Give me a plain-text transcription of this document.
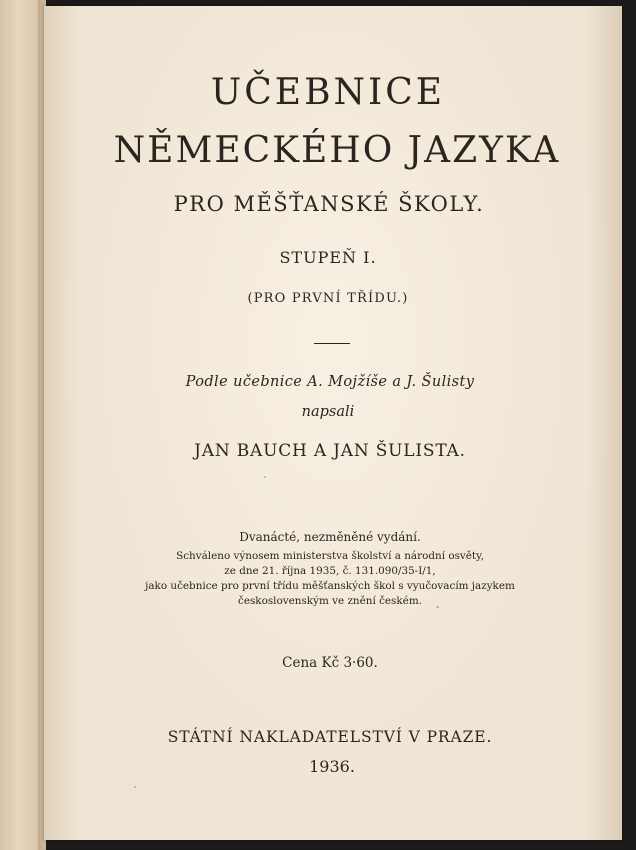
UČEBNICE
NĚMECKÉHO JAZYKA
PRO MĚŠŤANSKÉ ŠKOLY.
STUPEŇ I.
(PRO PRVNÍ TŘÍDU.)
Podle učebnice A. Mojžíše a J. Šulisty
napsali
JAN BAUCH A JAN ŠULISTA.
Dvanácté, nezměněné vydání.
Schváleno výnosem ministerstva školství a národní osvěty,
ze dne 21. října 1935, č. 131.090/35-I/1,
jako učebnice pro první třídu měšťanských škol s vyučovacím jazykem
československým ve znění českém.
Cena Kč 3·60.
STÁTNÍ NAKLADATELSTVÍ V PRAZE.
1936.
